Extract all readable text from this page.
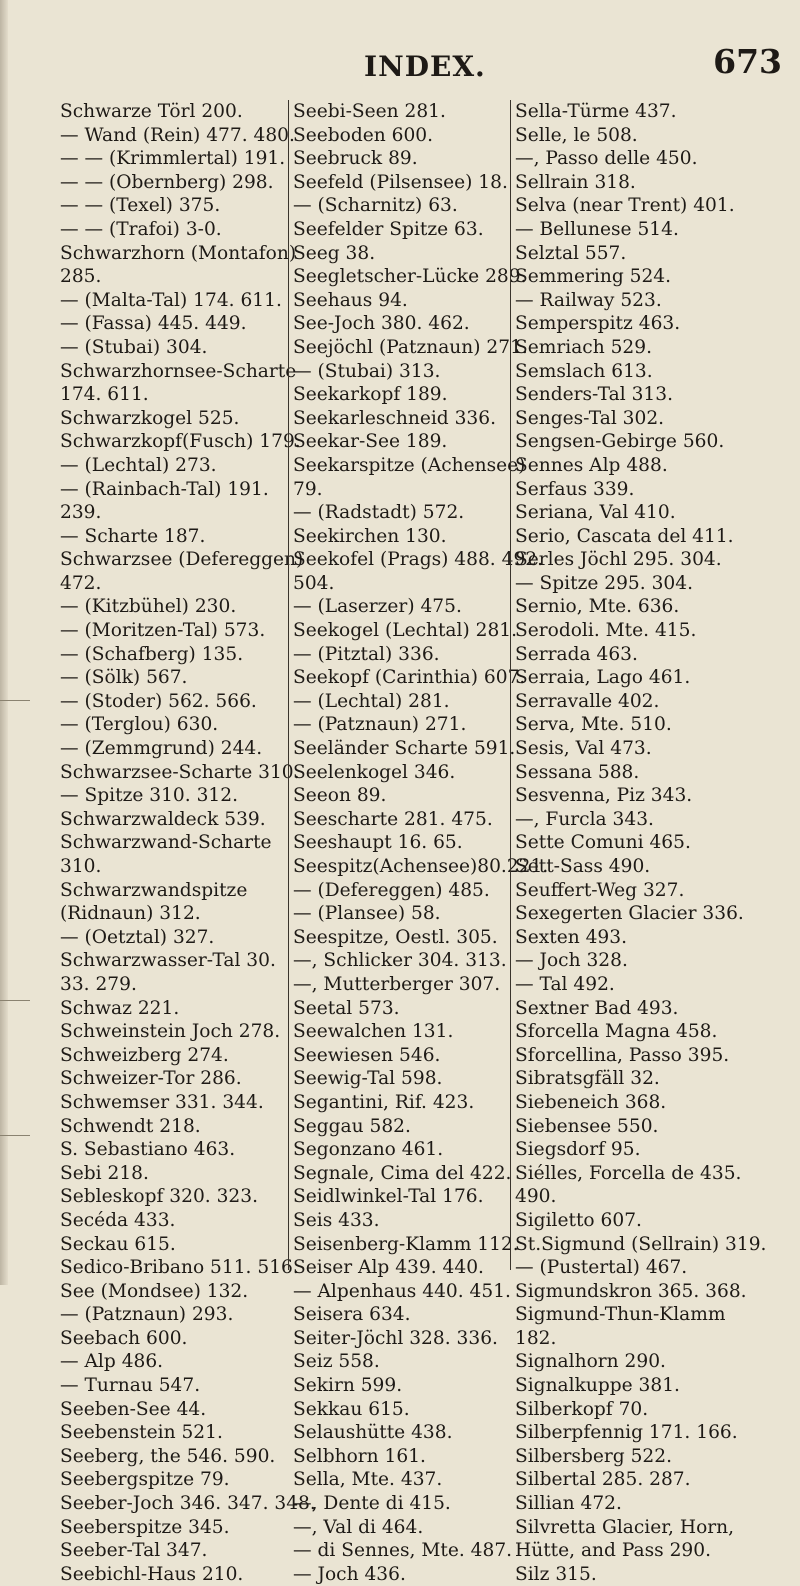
INDEX.	673
Schwarze Törl 200.
— Wand (Rein) 477. 480.
— — (Krimmlertal) 191.
— — (Obernberg) 298.
— — (Texel) 375.
— — (Trafoi) 3-0.
Schwarzhorn (Montafon)
285.
— (Malta-Tal) 174. 611.
— (Fassa) 445. 449.
— (Stubai) 304.
Schwarzhornsee-Scharte
174. 611.
Schwarzkogel 525.
Schwarzkopf(Fusch) 179.
— (Lechtal) 273.
— (Rainbach-Tal) 191.
239.
— Scharte 187.
Schwarzsee (Defereggen)
472.
— (Kitzbühel) 230.
— (Moritzen-Tal) 573.
— (Schafberg) 135.
— (Sölk) 567.
— (Stoder) 562. 566.
— (Terglou) 630.
— (Zemmgrund) 244.
Schwarzsee-Scharte 310.
— Spitze 310. 312.
Schwarzwaldeck 539.
Schwarzwand-Scharte
310.
Schwarzwandspitze
(Ridnaun) 312.
— (Oetztal) 327.
Schwarzwasser-Tal 30.
33. 279.
Schwaz 221.
Schweinstein Joch 278.
Schweizberg 274.
Schweizer-Tor 286.
Schwemser 331. 344.
Schwendt 218.
S. Sebastiano 463.
Sebi 218.
Sebleskopf 320. 323.
Secéda 433.
Seckau 615.
Sedico-Bribano 511. 516.
See (Mondsee) 132.
— (Patznaun) 293.
Seebach 600.
— Alp 486.
— Turnau 547.
Seeben-See 44.
Seebenstein 521.
Seeberg, the 546. 590.
Seebergspitze 79.
Seeber-Joch 346. 347. 348.
Seeberspitze 345.
Seeber-Tal 347.
Seebichl-Haus 210.
Seebi-Seen 281.
Seeboden 600.
Seebruck 89.
Seefeld (Pilsensee) 18.
— (Scharnitz) 63.
Seefelder Spitze 63.
Seeg 38.
Seegletscher-Lücke 289.
Seehaus 94.
See-Joch 380. 462.
Seejöchl (Patznaun) 271.
— (Stubai) 313.
Seekarkopf 189.
Seekarleschneid 336.
Seekar-See 189.
Seekarspitze (Achensee)
79.
— (Radstadt) 572.
Seekirchen 130.
Seekofel (Prags) 488. 492.
504.
— (Laserzer) 475.
Seekogel (Lechtal) 281.
— (Pitztal) 336.
Seekopf (Carinthia) 607.
— (Lechtal) 281.
— (Patznaun) 271.
Seeländer Scharte 591.
Seelenkogel 346.
Seeon 89.
Seescharte 281. 475.
Seeshaupt 16. 65.
Seespitz(Achensee)80.221.
— (Defereggen) 485.
— (Plansee) 58.
Seespitze, Oestl. 305.
—, Schlicker 304. 313.
—, Mutterberger 307.
Seetal 573.
Seewalchen 131.
Seewiesen 546.
Seewig-Tal 598.
Segantini, Rif. 423.
Seggau 582.
Segonzano 461.
Segnale, Cima del 422.
Seidlwinkel-Tal 176.
Seis 433.
Seisenberg-Klamm 112.
Seiser Alp 439. 440.
— Alpenhaus 440. 451.
Seisera 634.
Seiter-Jöchl 328. 336.
Seiz 558.
Sekirn 599.
Sekkau 615.
Selaushütte 438.
Selbhorn 161.
Sella, Mte. 437.
—, Dente di 415.
—, Val di 464.
— di Sennes, Mte. 487.
— Joch 436.
Sella-Türme 437.
Selle, le 508.
—, Passo delle 450.
Sellrain 318.
Selva (near Trent) 401.
— Bellunese 514.
Selztal 557.
Semmering 524.
— Railway 523.
Semperspitz 463.
Semriach 529.
Semslach 613.
Senders-Tal 313.
Senges-Tal 302.
Sengsen-Gebirge 560.
Sennes Alp 488.
Serfaus 339.
Seriana, Val 410.
Serio, Cascata del 411.
Serles Jöchl 295. 304.
— Spitze 295. 304.
Sernio, Mte. 636.
Serodoli. Mte. 415.
Serrada 463.
Serraia, Lago 461.
Serravalle 402.
Serva, Mte. 510.
Sesis, Val 473.
Sessana 588.
Sesvenna, Piz 343.
—, Furcla 343.
Sette Comuni 465.
Sett-Sass 490.
Seuffert-Weg 327.
Sexegerten Glacier 336.
Sexten 493.
— Joch 328.
— Tal 492.
Sextner Bad 493.
Sforcella Magna 458.
Sforcellina, Passo 395.
Sibratsgfäll 32.
Siebeneich 368.
Siebensee 550.
Siegsdorf 95.
Siélles, Forcella de 435.
490.
Sigiletto 607.
St.Sigmund (Sellrain) 319.
— (Pustertal) 467.
Sigmundskron 365. 368.
Sigmund-Thun-Klamm
182.
Signalhorn 290.
Signalkuppe 381.
Silberkopf 70.
Silberpfennig 171. 166.
Silbersberg 522.
Silbertal 285. 287.
Sillian 472.
Silvretta Glacier, Horn,
Hütte, and Pass 290.
Silz 315.
